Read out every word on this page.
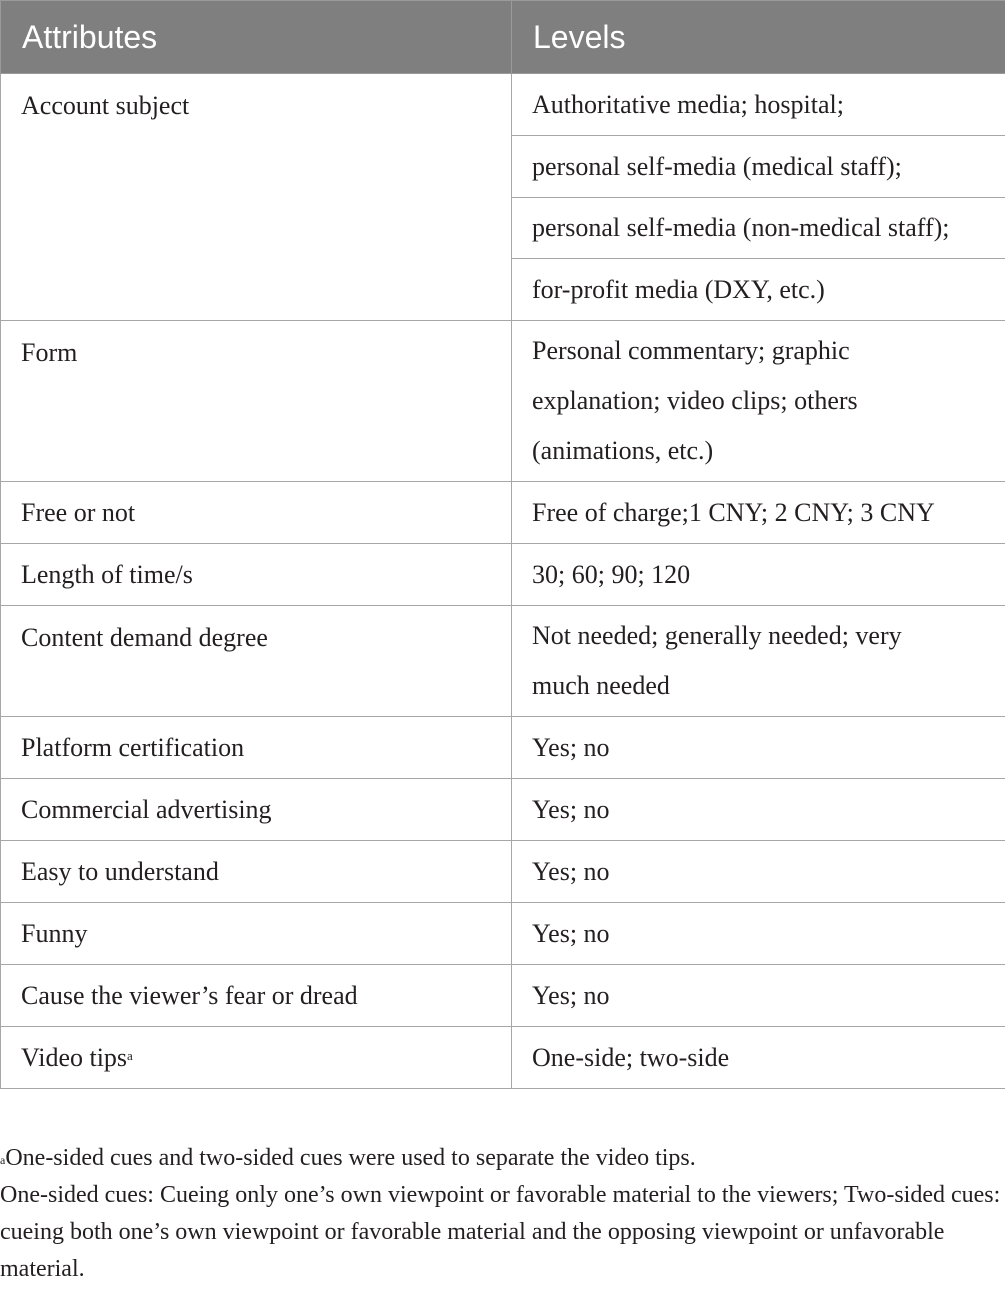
Attributes	Levels
Account subject	Authoritative media; hospital;
	personal self-media (medical staff);
	personal self-media (non-medical staff);
	for-profit media (DXY, etc.)
Form	Personal commentary; graphic explanation; video clips; others (animations, etc.)
Free or not	Free of charge;1 CNY; 2 CNY; 3 CNY
Length of time/s	30; 60; 90; 120
Content demand degree	Not needed; generally needed; very much needed
Platform certification	Yes; no
Commercial advertising	Yes; no
Easy to understand	Yes; no
Funny	Yes; no
Cause the viewer’s fear or dread	Yes; no
Video tips$^a$	One-side; two-side

$^a$One-sided cues and two-sided cues were used to separate the video tips.

One-sided cues: Cueing only one’s own viewpoint or favorable material to the viewers; Two-sided cues: cueing both one’s own viewpoint or favorable material and the opposing viewpoint or unfavorable material.
